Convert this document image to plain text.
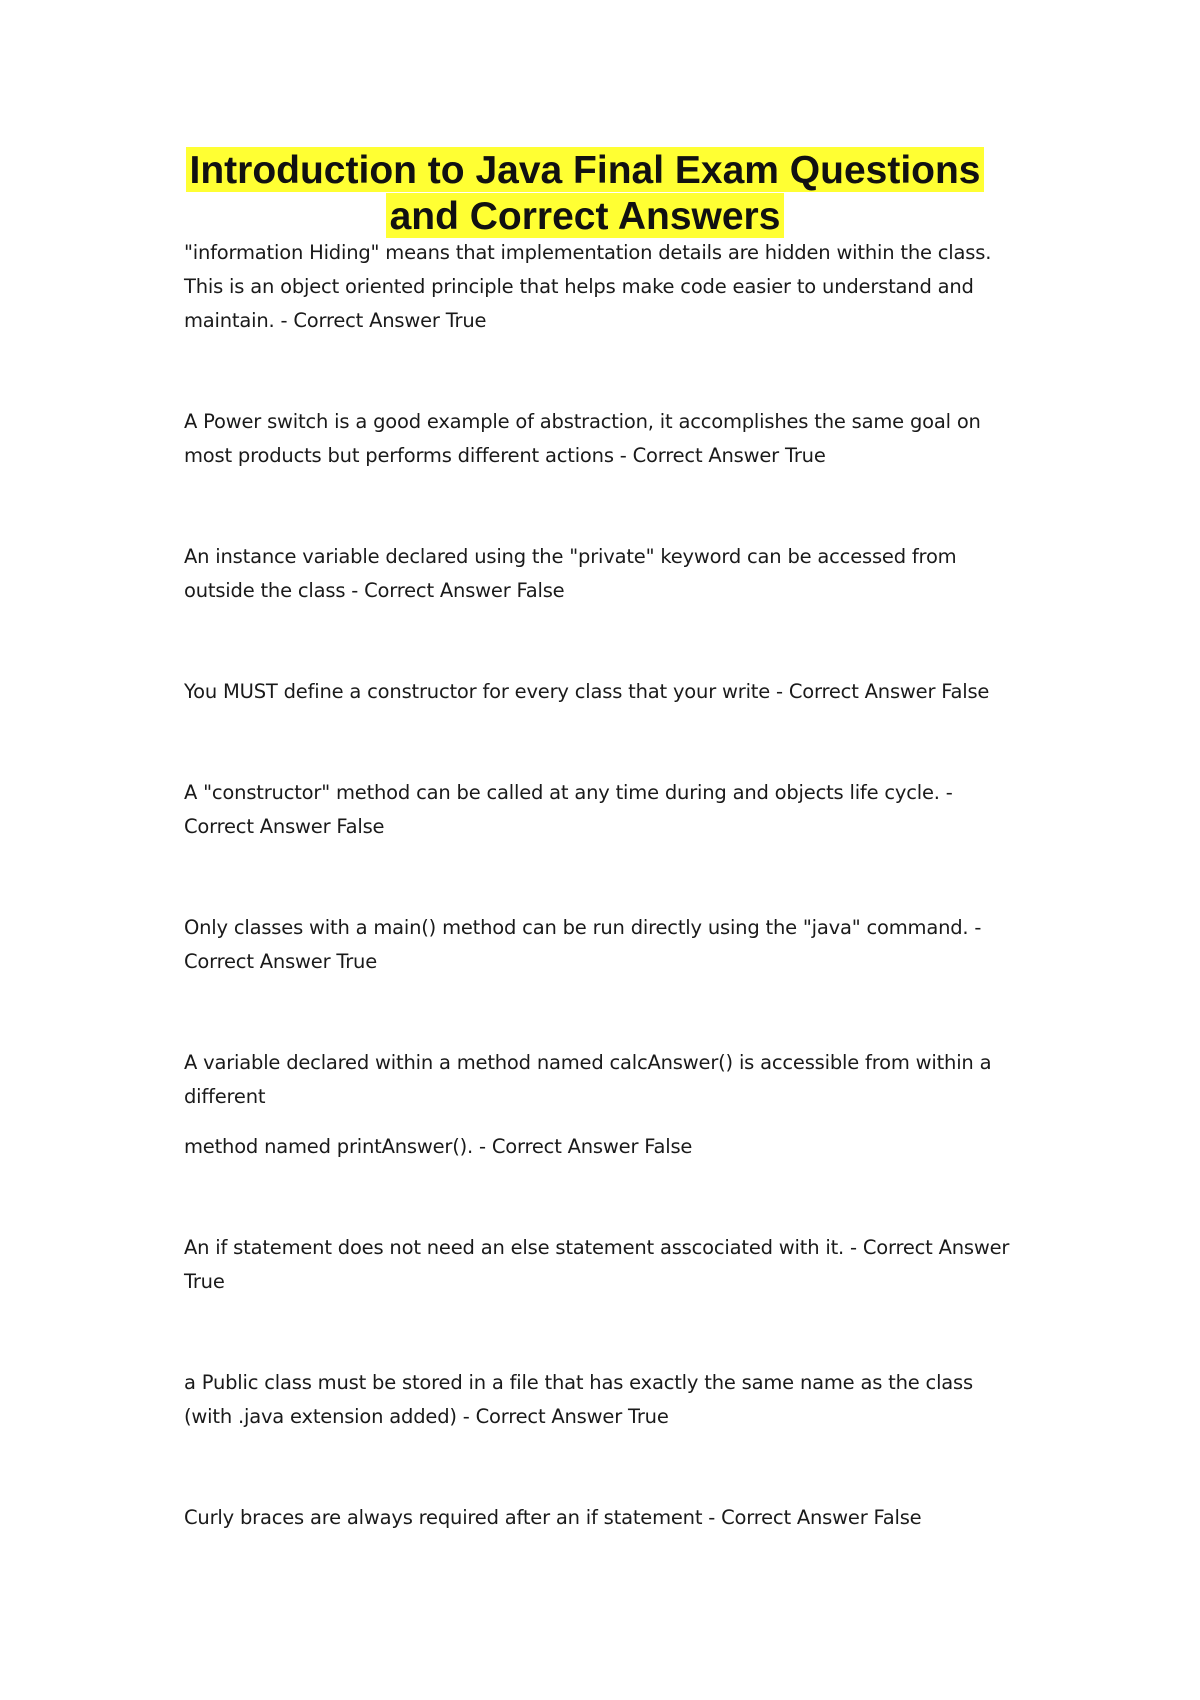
Introduction to Java Final Exam Questions
and Correct Answers

"information Hiding" means that implementation details are hidden within the class. This is an object oriented principle that helps make code easier to understand and maintain. - Correct Answer True

A Power switch is a good example of abstraction, it accomplishes the same goal on most products but performs different actions - Correct Answer True

An instance variable declared using the "private" keyword can be accessed from outside the class - Correct Answer False

You MUST define a constructor for every class that your write - Correct Answer False

A "constructor" method can be called at any time during and objects life cycle. - Correct Answer False

Only classes with a main() method can be run directly using the "java" command. - Correct Answer True

A variable declared within a method named calcAnswer() is accessible from within a different

method named printAnswer(). - Correct Answer False

An if statement does not need an else statement asscociated with it. - Correct Answer True

a Public class must be stored in a file that has exactly the same name as the class (with .java extension added) - Correct Answer True

Curly braces are always required after an if statement - Correct Answer False
